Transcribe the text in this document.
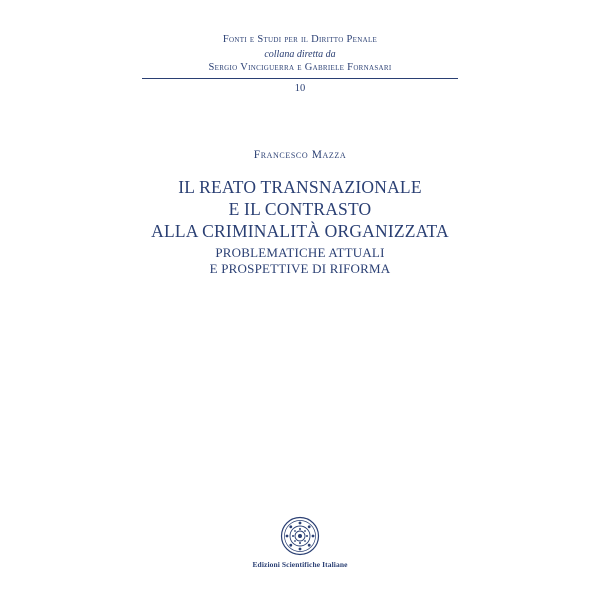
Fonti e Studi per il Diritto Penale
collana diretta da
Sergio Vinciguerra e Gabriele Fornasari
10
Francesco Mazza
IL REATO TRANSNAZIONALE
E IL CONTRASTO
ALLA CRIMINALITÀ ORGANIZZATA
PROBLEMATICHE ATTUALI
E PROSPETTIVE DI RIFORMA
Edizioni Scientifiche Italiane
